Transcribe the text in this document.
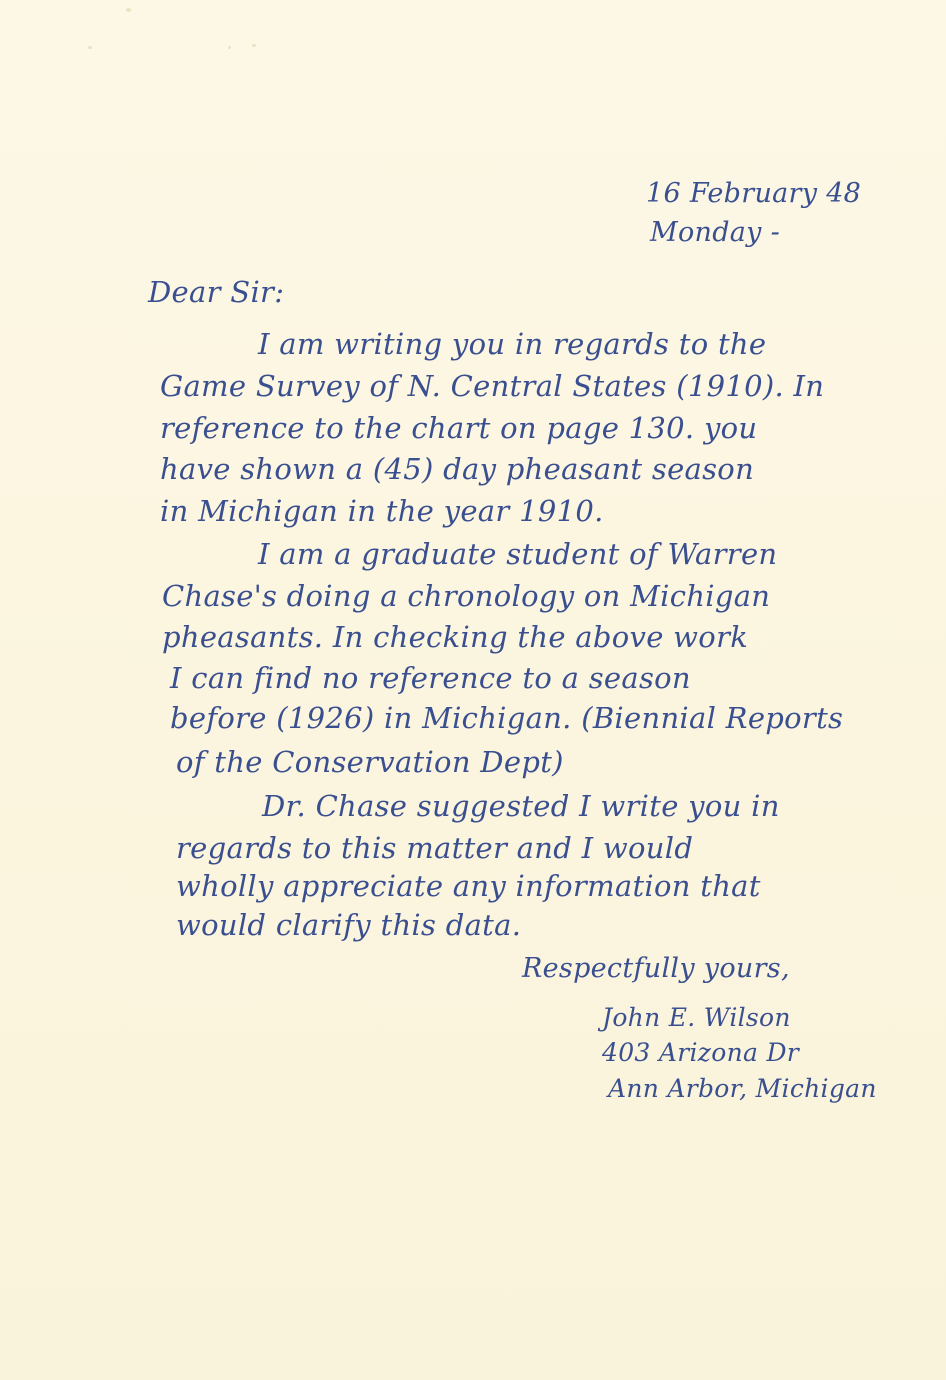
16 February 48
Monday -
Dear Sir:
I am writing you in regards to the
Game Survey of N. Central States (1910). In
reference to the chart on page 130. you
have shown a (45) day pheasant season
in Michigan in the year 1910.
I am a graduate student of Warren
Chase's doing a chronology on Michigan
pheasants. In checking the above work
I can find no reference to a season
before (1926) in Michigan. (Biennial Reports
of the Conservation Dept)
Dr. Chase suggested I write you in
regards to this matter and I would
wholly appreciate any information that
would clarify this data.
Respectfully yours,
John E. Wilson
403 Arizona Dr
Ann Arbor, Michigan
